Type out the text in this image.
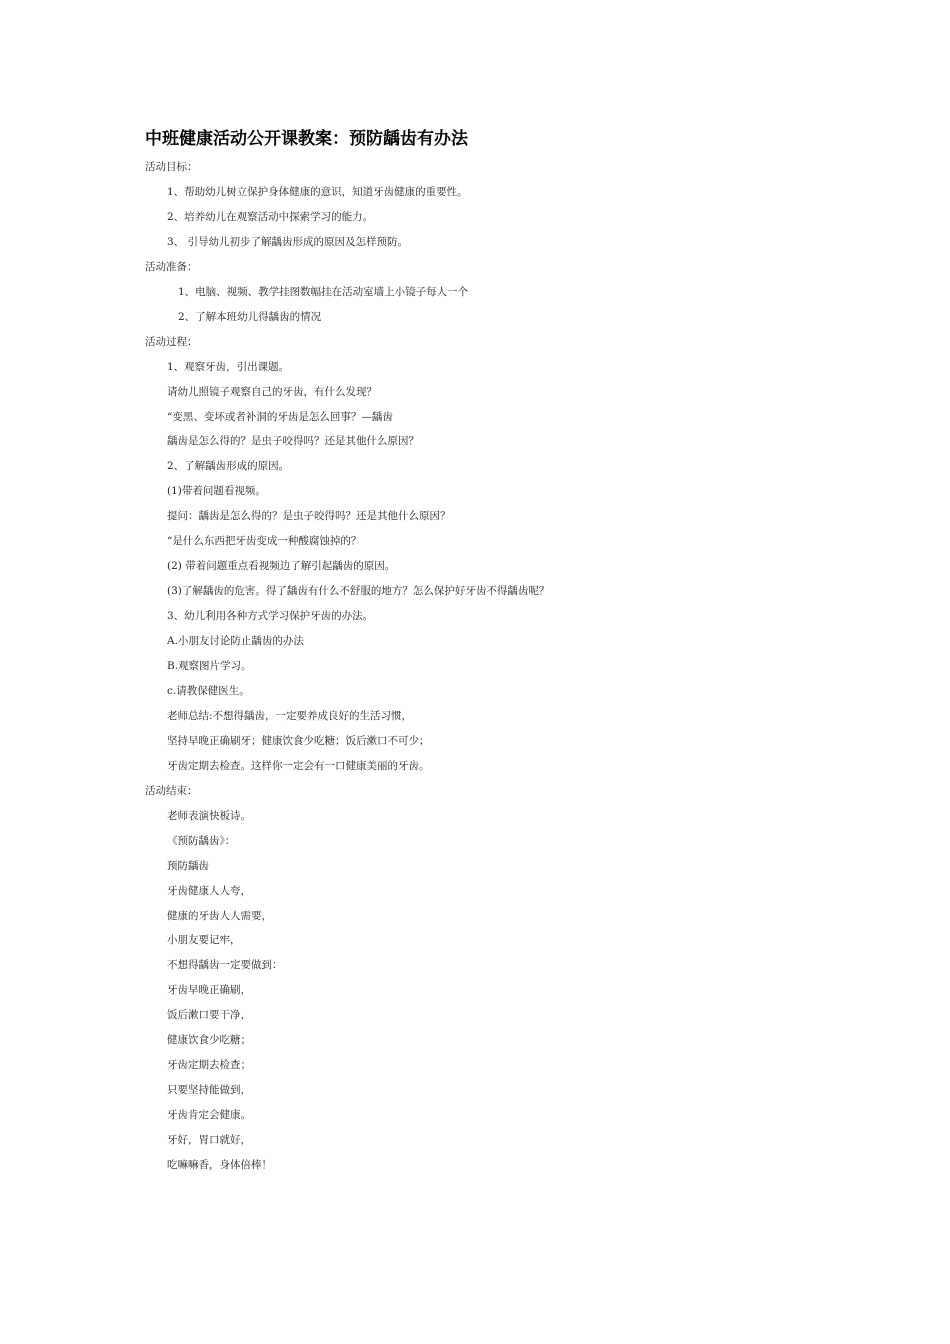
中班健康活动公开课教案：预防龋齿有办法
活动目标：
1、帮助幼儿树立保护身体健康的意识，知道牙齿健康的重要性。
2、培养幼儿在观察活动中探索学习的能力。
3、 引导幼儿初步了解龋齿形成的原因及怎样预防。
活动准备：
1、电脑、视频、教学挂图数幅挂在活动室墙上小镜子每人一个
2、了解本班幼儿得龋齿的情况
活动过程：
1、观察牙齿，引出课题。
请幼儿照镜子观察自己的牙齿，有什么发现？
“变黑、变坏或者补洞的牙齿是怎么回事？—龋齿
龋齿是怎么得的？是虫子咬得吗？还是其他什么原因？
2、了解龋齿形成的原因。
(1)带着问题看视频。
提问：龋齿是怎么得的？是虫子咬得吗？还是其他什么原因？
“是什么东西把牙齿变成一种酸腐蚀掉的？
(2) 带着问题重点看视频边了解引起龋齿的原因。
(3)了解龋齿的危害。得了龋齿有什么不舒服的地方？怎么保护好牙齿不得龋齿呢？
3、幼儿利用各种方式学习保护牙齿的办法。
A.小朋友讨论防止龋齿的办法
B.观察图片学习。
c.请教保健医生。
老师总结:不想得龋齿，一定要养成良好的生活习惯，
坚持早晚正确刷牙；健康饮食少吃糖；饭后漱口不可少；
牙齿定期去检查。这样你一定会有一口健康美丽的牙齿。
活动结束：
老师表演快板诗。
《预防龋齿》：
预防龋齿
牙齿健康人人夸，
健康的牙齿人人需要，
小朋友要记牢，
不想得龋齿一定要做到：
牙齿早晚正确刷，
饭后漱口要干净，
健康饮食少吃糖；
牙齿定期去检查；
只要坚持能做到，
牙齿肯定会健康。
牙好，胃口就好，
吃嘛嘛香，身体倍棒！
